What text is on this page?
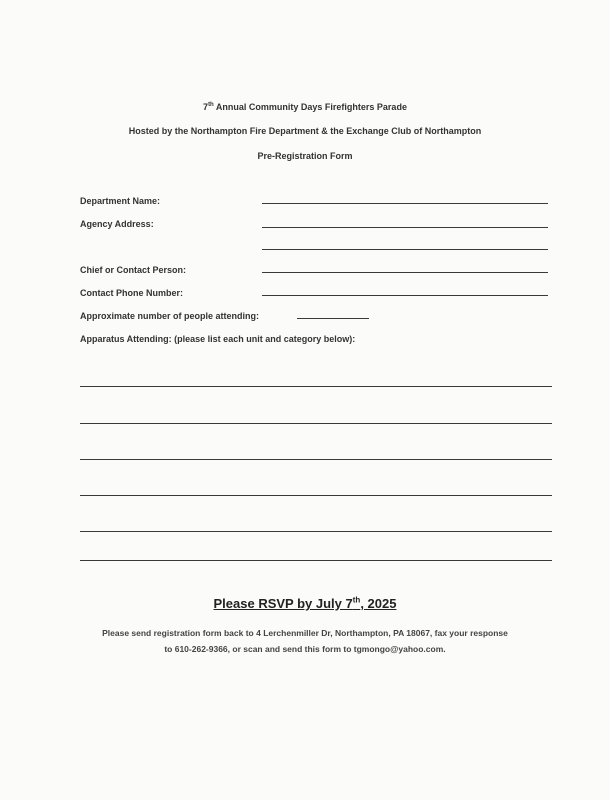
7th Annual Community Days Firefighters Parade
Hosted by the Northampton Fire Department & the Exchange Club of Northampton
Pre-Registration Form
Department Name:
Agency Address:
Chief or Contact Person:
Contact Phone Number:
Approximate number of people attending:
Apparatus Attending: (please list each unit and category below):
Please RSVP by July 7th, 2025
Please send registration form back to 4 Lerchenmiller Dr, Northampton, PA 18067, fax your response
to 610-262-9366, or scan and send this form to tgmongo@yahoo.com.
